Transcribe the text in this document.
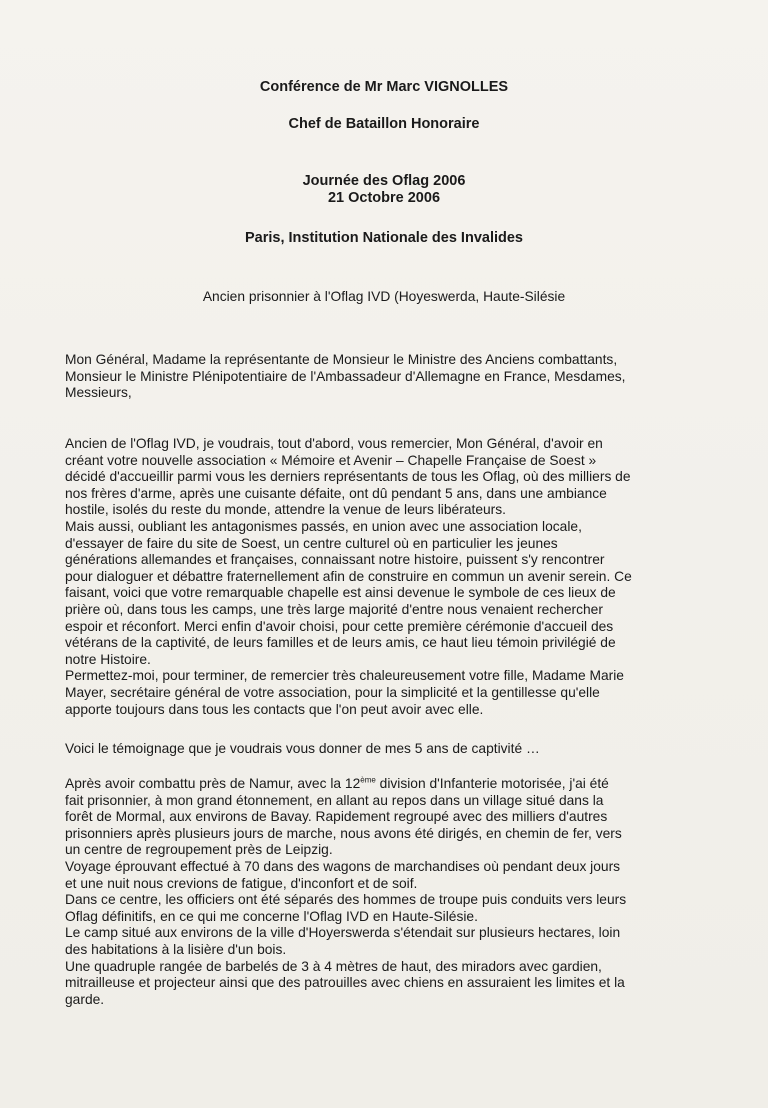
Conférence de Mr Marc VIGNOLLES
Chef de Bataillon Honoraire
Journée des Oflag 2006
21 Octobre 2006
Paris, Institution Nationale des Invalides
Ancien prisonnier à l'Oflag IVD (Hoyeswerda, Haute-Silésie
Mon Général, Madame la représentante de Monsieur le Ministre des Anciens combattants,
Monsieur le Ministre Plénipotentiaire de l'Ambassadeur d'Allemagne en France, Mesdames,
Messieurs,
Ancien de l'Oflag IVD, je voudrais, tout d'abord, vous remercier, Mon Général, d'avoir en
créant votre nouvelle association « Mémoire et Avenir – Chapelle Française de Soest »
décidé d'accueillir parmi vous les derniers représentants de tous les Oflag, où des milliers de
nos frères d'arme, après une cuisante défaite, ont dû pendant 5 ans, dans une ambiance
hostile, isolés du reste du monde, attendre la venue de leurs libérateurs.
Mais aussi, oubliant les antagonismes passés, en union avec une association locale,
d'essayer de faire du site de Soest, un centre culturel où en particulier les jeunes
générations allemandes et françaises, connaissant notre histoire, puissent s'y rencontrer
pour dialoguer et débattre fraternellement afin de construire en commun un avenir serein. Ce
faisant, voici que votre remarquable chapelle est ainsi devenue le symbole de ces lieux de
prière où, dans tous les camps, une très large majorité d'entre nous venaient rechercher
espoir et réconfort. Merci enfin d'avoir choisi, pour cette première cérémonie d'accueil des
vétérans de la captivité, de leurs familles et de leurs amis, ce haut lieu témoin privilégié de
notre Histoire.
Permettez-moi, pour terminer, de remercier très chaleureusement votre fille, Madame Marie
Mayer, secrétaire général de votre association, pour la simplicité et la gentillesse qu'elle
apporte toujours dans tous les contacts que l'on peut avoir avec elle.
Voici le témoignage que je voudrais vous donner de mes 5 ans de captivité …
Après avoir combattu près de Namur, avec la 12ème division d'Infanterie motorisée, j'ai été
fait prisonnier, à mon grand étonnement, en allant au repos dans un village situé dans la
forêt de Mormal, aux environs de Bavay. Rapidement regroupé avec des milliers d'autres
prisonniers après plusieurs jours de marche, nous avons été dirigés, en chemin de fer, vers
un centre de regroupement près de Leipzig.
Voyage éprouvant effectué à 70 dans des wagons de marchandises où pendant deux jours
et une nuit nous crevions de fatigue, d'inconfort et de soif.
Dans ce centre, les officiers ont été séparés des hommes de troupe puis conduits vers leurs
Oflag définitifs, en ce qui me concerne l'Oflag IVD en Haute-Silésie.
Le camp situé aux environs de la ville d'Hoyerswerda s'étendait sur plusieurs hectares, loin
des habitations à la lisière d'un bois.
Une quadruple rangée de barbelés de 3 à 4 mètres de haut, des miradors avec gardien,
mitrailleuse et projecteur ainsi que des patrouilles avec chiens en assuraient les limites et la
garde.
